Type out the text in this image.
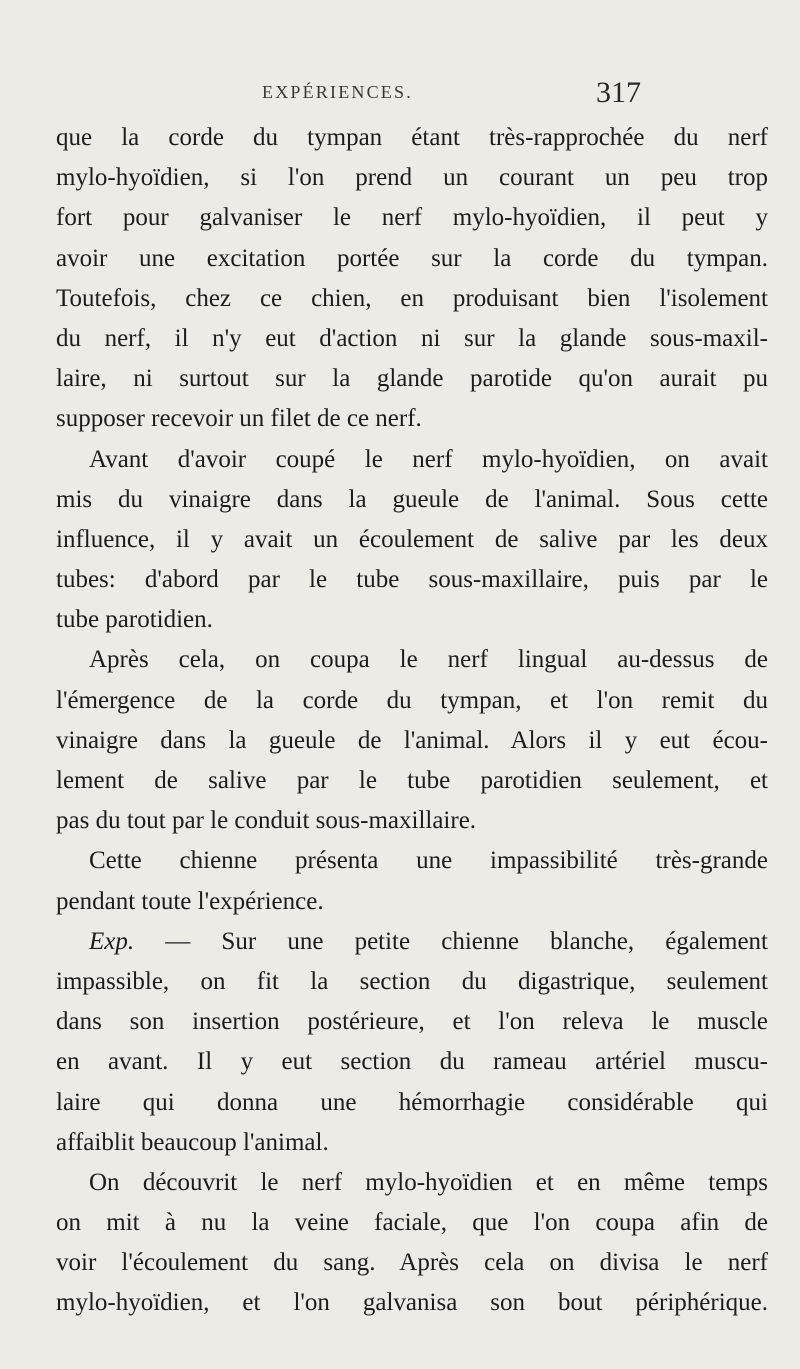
EXPÉRIENCES.	317
que la corde du tympan étant très-rapprochée du nerf
mylo-hyoïdien, si l'on prend un courant un peu trop
fort pour galvaniser le nerf mylo-hyoïdien, il peut y
avoir une excitation portée sur la corde du tympan.
Toutefois, chez ce chien, en produisant bien l'isolement
du nerf, il n'y eut d'action ni sur la glande sous-maxil-
laire, ni surtout sur la glande parotide qu'on aurait pu
supposer recevoir un filet de ce nerf.
Avant d'avoir coupé le nerf mylo-hyoïdien, on avait
mis du vinaigre dans la gueule de l'animal. Sous cette
influence, il y avait un écoulement de salive par les deux
tubes: d'abord par le tube sous-maxillaire, puis par le
tube parotidien.
Après cela, on coupa le nerf lingual au-dessus de
l'émergence de la corde du tympan, et l'on remit du
vinaigre dans la gueule de l'animal. Alors il y eut écou-
lement de salive par le tube parotidien seulement, et
pas du tout par le conduit sous-maxillaire.
Cette chienne présenta une impassibilité très-grande
pendant toute l'expérience.
Exp. — Sur une petite chienne blanche, également
impassible, on fit la section du digastrique, seulement
dans son insertion postérieure, et l'on releva le muscle
en avant. Il y eut section du rameau artériel muscu-
laire qui donna une hémorrhagie considérable qui
affaiblit beaucoup l'animal.
On découvrit le nerf mylo-hyoïdien et en même temps
on mit à nu la veine faciale, que l'on coupa afin de
voir l'écoulement du sang. Après cela on divisa le nerf
mylo-hyoïdien, et l'on galvanisa son bout périphérique.
